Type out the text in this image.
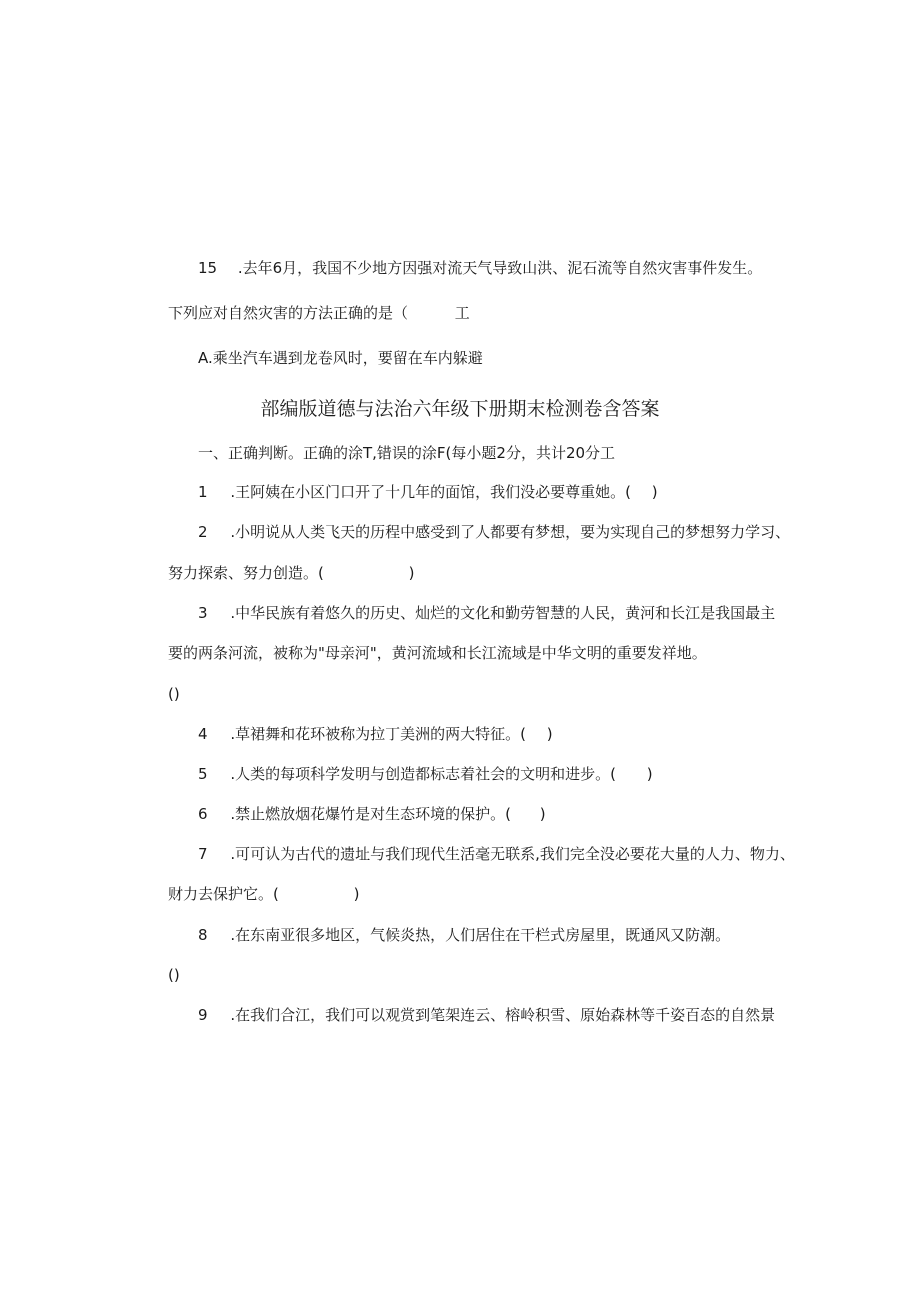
15 .去年6月，我国不少地方因强对流天气导致山洪、泥石流等自然灾害事件发生。
下列应对自然灾害的方法正确的是（	工
A.乘坐汽车遇到龙卷风时，要留在车内躲避
部编版道德与法治六年级下册期末检测卷含答案
一、正确判断。正确的涂T,错误的涂F(每小题2分，共计20分工
1 .王阿姨在小区门口开了十几年的面馆，我们没必要尊重她。( )
2 .小明说从人类飞天的历程中感受到了人都要有梦想，要为实现自己的梦想努力学习、
努力探索、努力创造。(	)
3 .中华民族有着悠久的历史、灿烂的文化和勤劳智慧的人民，黄河和长江是我国最主
要的两条河流，被称为"母亲河"，黄河流域和长江流域是中华文明的重要发祥地。
()
4 .草裙舞和花环被称为拉丁美洲的两大特征。( )
5 .人类的每项科学发明与创造都标志着社会的文明和进步。( )
6 .禁止燃放烟花爆竹是对生态环境的保护。( )
7 .可可认为古代的遗址与我们现代生活毫无联系,我们完全没必要花大量的人力、物力、
财力去保护它。(	)
8 .在东南亚很多地区，气候炎热，人们居住在干栏式房屋里，既通风又防潮。
()
9 .在我们合江，我们可以观赏到笔架连云、榕岭积雪、原始森林等千姿百态的自然景
